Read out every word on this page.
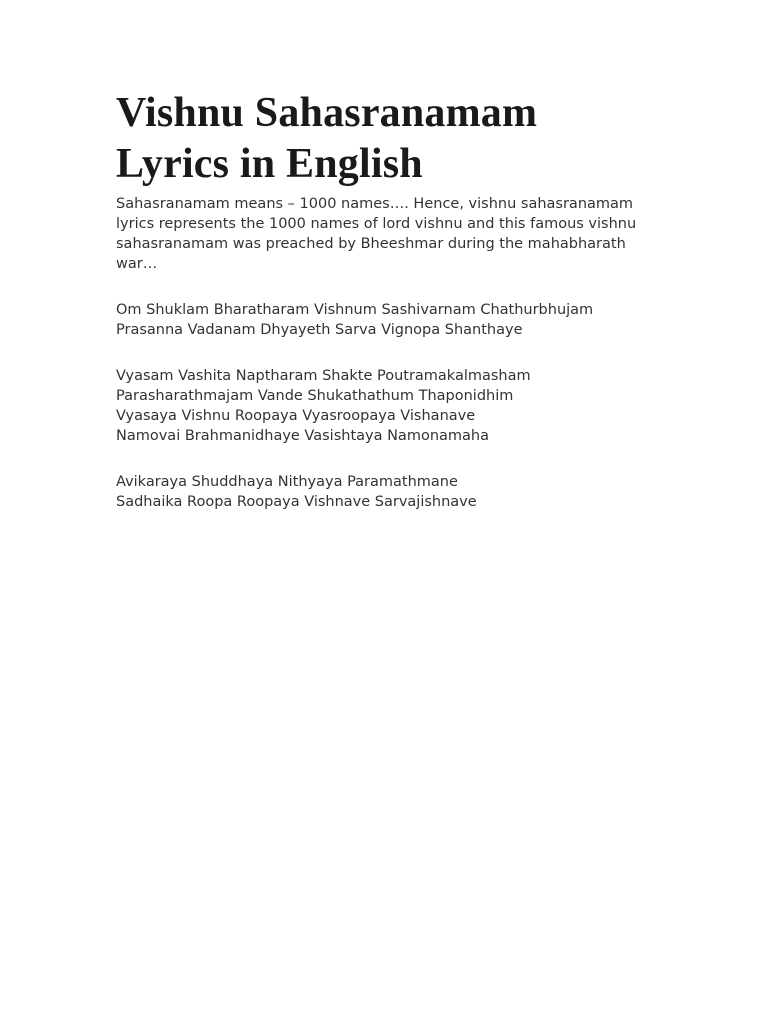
Vishnu Sahasranamam
Lyrics in English

Sahasranamam means – 1000 names…. Hence, vishnu sahasranamam lyrics represents the 1000 names of lord vishnu and this famous vishnu sahasranamam was preached by Bheeshmar during the mahabharath war…

Om Shuklam Bharatharam Vishnum Sashivarnam Chathurbhujam
Prasanna Vadanam Dhyayeth Sarva Vignopa Shanthaye
Vyasam Vashita Naptharam Shakte Poutramakalmasham
Parasharathmajam Vande Shukathathum Thaponidhim
Vyasaya Vishnu Roopaya Vyasroopaya Vishanave
Namovai Brahmanidhaye Vasishtaya Namonamaha
Avikaraya Shuddhaya Nithyaya Paramathmane
Sadhaika Roopa Roopaya Vishnave Sarvajishnave
